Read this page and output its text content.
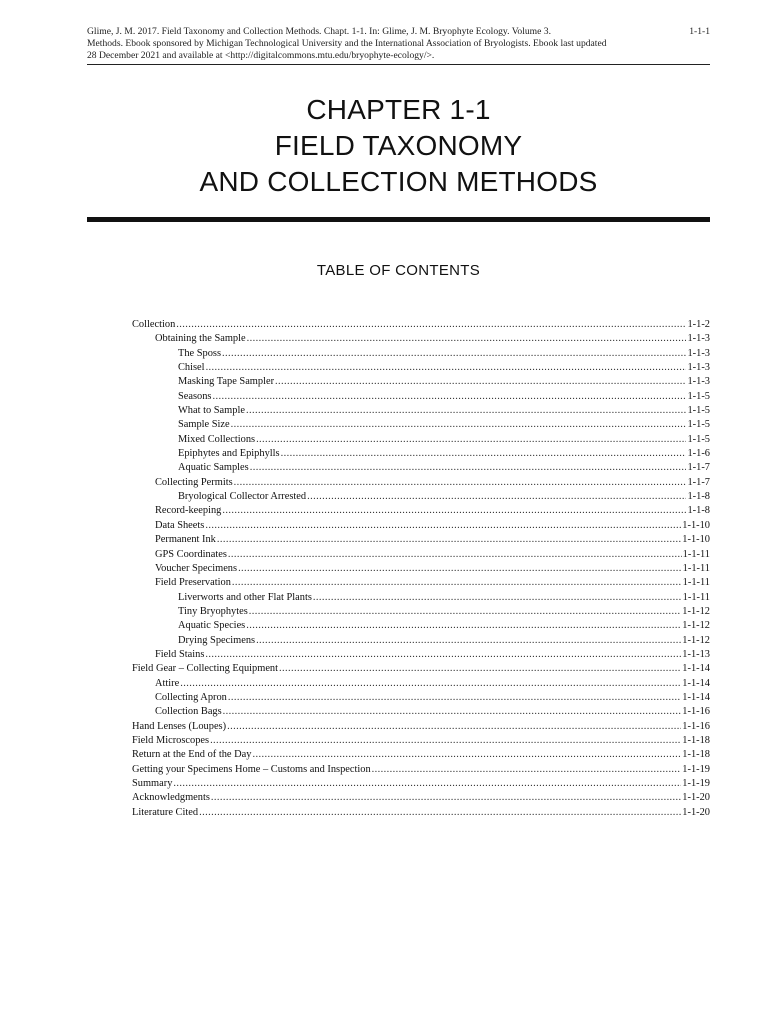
Glime, J. M. 2017. Field Taxonomy and Collection Methods. Chapt. 1-1. In: Glime, J. M. Bryophyte Ecology. Volume 3.
Methods. Ebook sponsored by Michigan Technological University and the International Association of Bryologists. Ebook last updated
28 December 2021 and available at <http://digitalcommons.mtu.edu/bryophyte-ecology/>.
1-1-1
CHAPTER 1-1
FIELD TAXONOMY
AND COLLECTION METHODS
TABLE OF CONTENTS
Collection .....	1-1-2
Obtaining the Sample .....	1-1-3
The Sposs .....	1-1-3
Chisel .....	1-1-3
Masking Tape Sampler .....	1-1-3
Seasons .....	1-1-5
What to Sample .....	1-1-5
Sample Size .....	1-1-5
Mixed Collections .....	1-1-5
Epiphytes and Epiphylls .....	1-1-6
Aquatic Samples .....	1-1-7
Collecting Permits .....	1-1-7
Bryological Collector Arrested .....	1-1-8
Record-keeping .....	1-1-8
Data Sheets .....	1-1-10
Permanent Ink .....	1-1-10
GPS Coordinates .....	1-1-11
Voucher Specimens .....	1-1-11
Field Preservation .....	1-1-11
Liverworts and other Flat Plants .....	1-1-11
Tiny Bryophytes .....	1-1-12
Aquatic Species .....	1-1-12
Drying Specimens .....	1-1-12
Field Stains .....	1-1-13
Field Gear – Collecting Equipment .....	1-1-14
Attire .....	1-1-14
Collecting Apron .....	1-1-14
Collection Bags .....	1-1-16
Hand Lenses (Loupes) .....	1-1-16
Field Microscopes .....	1-1-18
Return at the End of the Day .....	1-1-18
Getting your Specimens Home – Customs and Inspection .....	1-1-19
Summary .....	1-1-19
Acknowledgments .....	1-1-20
Literature Cited .....	1-1-20
